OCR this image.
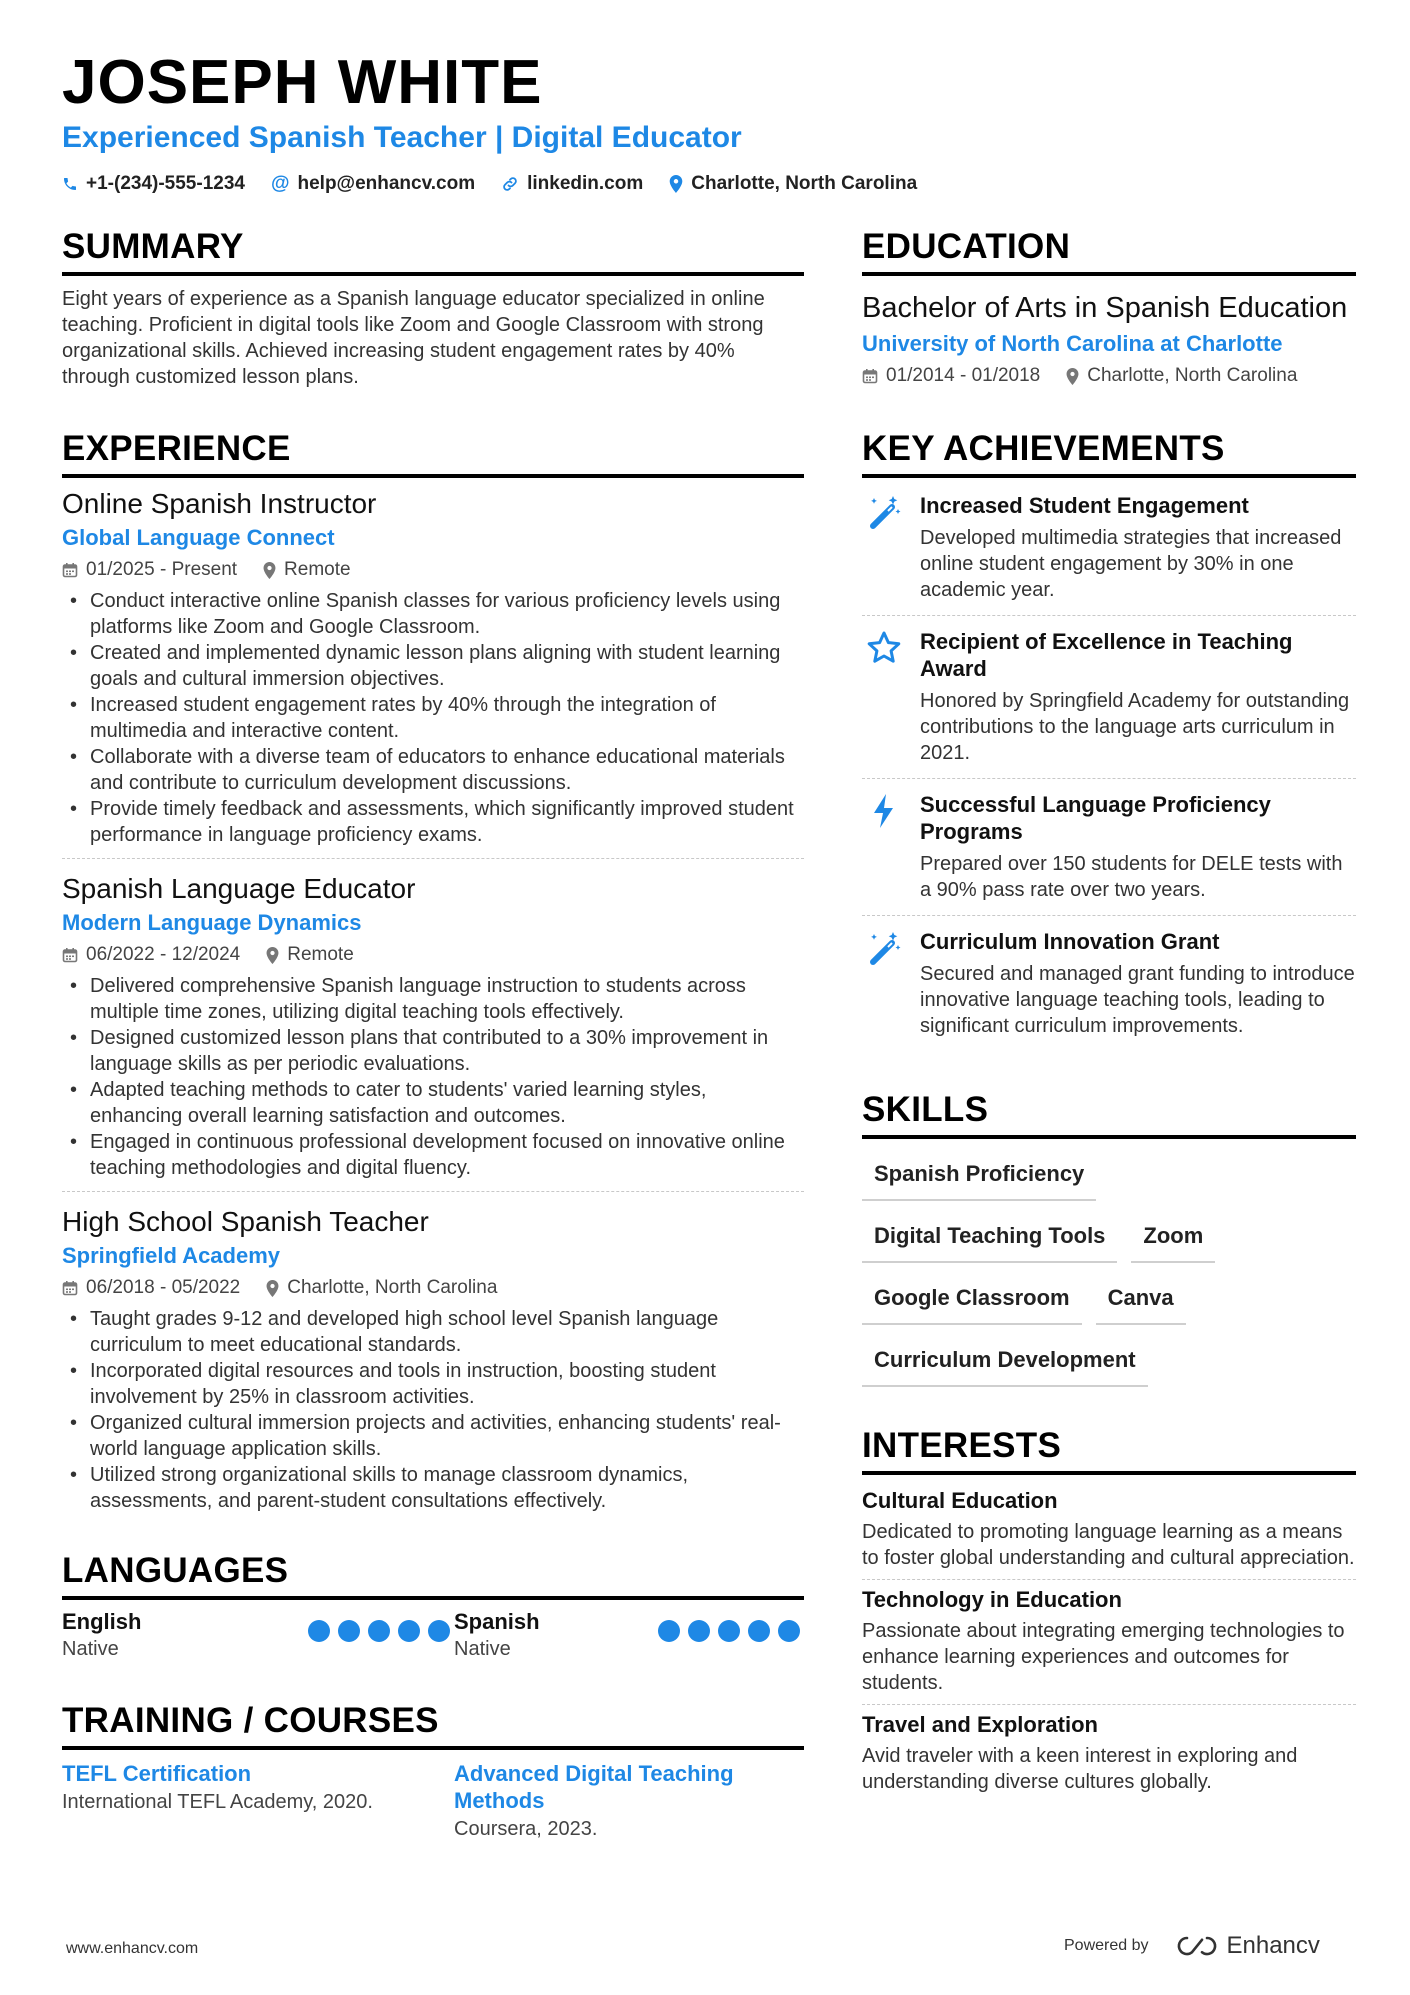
JOSEPH WHITE
Experienced Spanish Teacher | Digital Educator
+1-(234)-555-1234 @ help@enhancv.com	linkedin.com	Charlotte, North Carolina
SUMMARY
Eight years of experience as a Spanish language educator specialized in online teaching. Proficient in digital tools like Zoom and Google Classroom with strong organizational skills. Achieved increasing student engagement rates by 40% through customized lesson plans.
EXPERIENCE
Online Spanish Instructor
Global Language Connect
01/2025 - Present Remote
• Conduct interactive online Spanish classes for various proficiency levels using platforms like Zoom and Google Classroom.
• Created and implemented dynamic lesson plans aligning with student learning goals and cultural immersion objectives.
• Increased student engagement rates by 40% through the integration of multimedia and interactive content.
• Collaborate with a diverse team of educators to enhance educational materials and contribute to curriculum development discussions.
• Provide timely feedback and assessments, which significantly improved student performance in language proficiency exams.
Spanish Language Educator
Modern Language Dynamics
06/2022 - 12/2024 Remote
• Delivered comprehensive Spanish language instruction to students across multiple time zones, utilizing digital teaching tools effectively.
• Designed customized lesson plans that contributed to a 30% improvement in language skills as per periodic evaluations.
• Adapted teaching methods to cater to students' varied learning styles, enhancing overall learning satisfaction and outcomes.
• Engaged in continuous professional development focused on innovative online teaching methodologies and digital fluency.
High School Spanish Teacher
Springfield Academy
06/2018 - 05/2022 Charlotte, North Carolina
• Taught grades 9-12 and developed high school level Spanish language curriculum to meet educational standards.
• Incorporated digital resources and tools in instruction, boosting student involvement by 25% in classroom activities.
• Organized cultural immersion projects and activities, enhancing students' real-world language application skills.
• Utilized strong organizational skills to manage classroom dynamics, assessments, and parent-student consultations effectively.
LANGUAGES
English
Native
Spanish
Native
TRAINING / COURSES
TEFL Certification
International TEFL Academy, 2020.
Advanced Digital Teaching Methods
Coursera, 2023.
EDUCATION
Bachelor of Arts in Spanish Education
University of North Carolina at Charlotte
01/2014 - 01/2018 Charlotte, North Carolina
KEY ACHIEVEMENTS
Increased Student Engagement
Developed multimedia strategies that increased online student engagement by 30% in one academic year.
Recipient of Excellence in Teaching Award
Honored by Springfield Academy for outstanding contributions to the language arts curriculum in 2021.
Successful Language Proficiency Programs
Prepared over 150 students for DELE tests with a 90% pass rate over two years.
Curriculum Innovation Grant
Secured and managed grant funding to introduce innovative language teaching tools, leading to significant curriculum improvements.
SKILLS
Spanish Proficiency
Digital Teaching Tools	Zoom
Google Classroom	Canva
Curriculum Development
INTERESTS
Cultural Education
Dedicated to promoting language learning as a means to foster global understanding and cultural appreciation.
Technology in Education
Passionate about integrating emerging technologies to enhance learning experiences and outcomes for students.
Travel and Exploration
Avid traveler with a keen interest in exploring and understanding diverse cultures globally.
www.enhancv.com	Powered by	Enhancv
